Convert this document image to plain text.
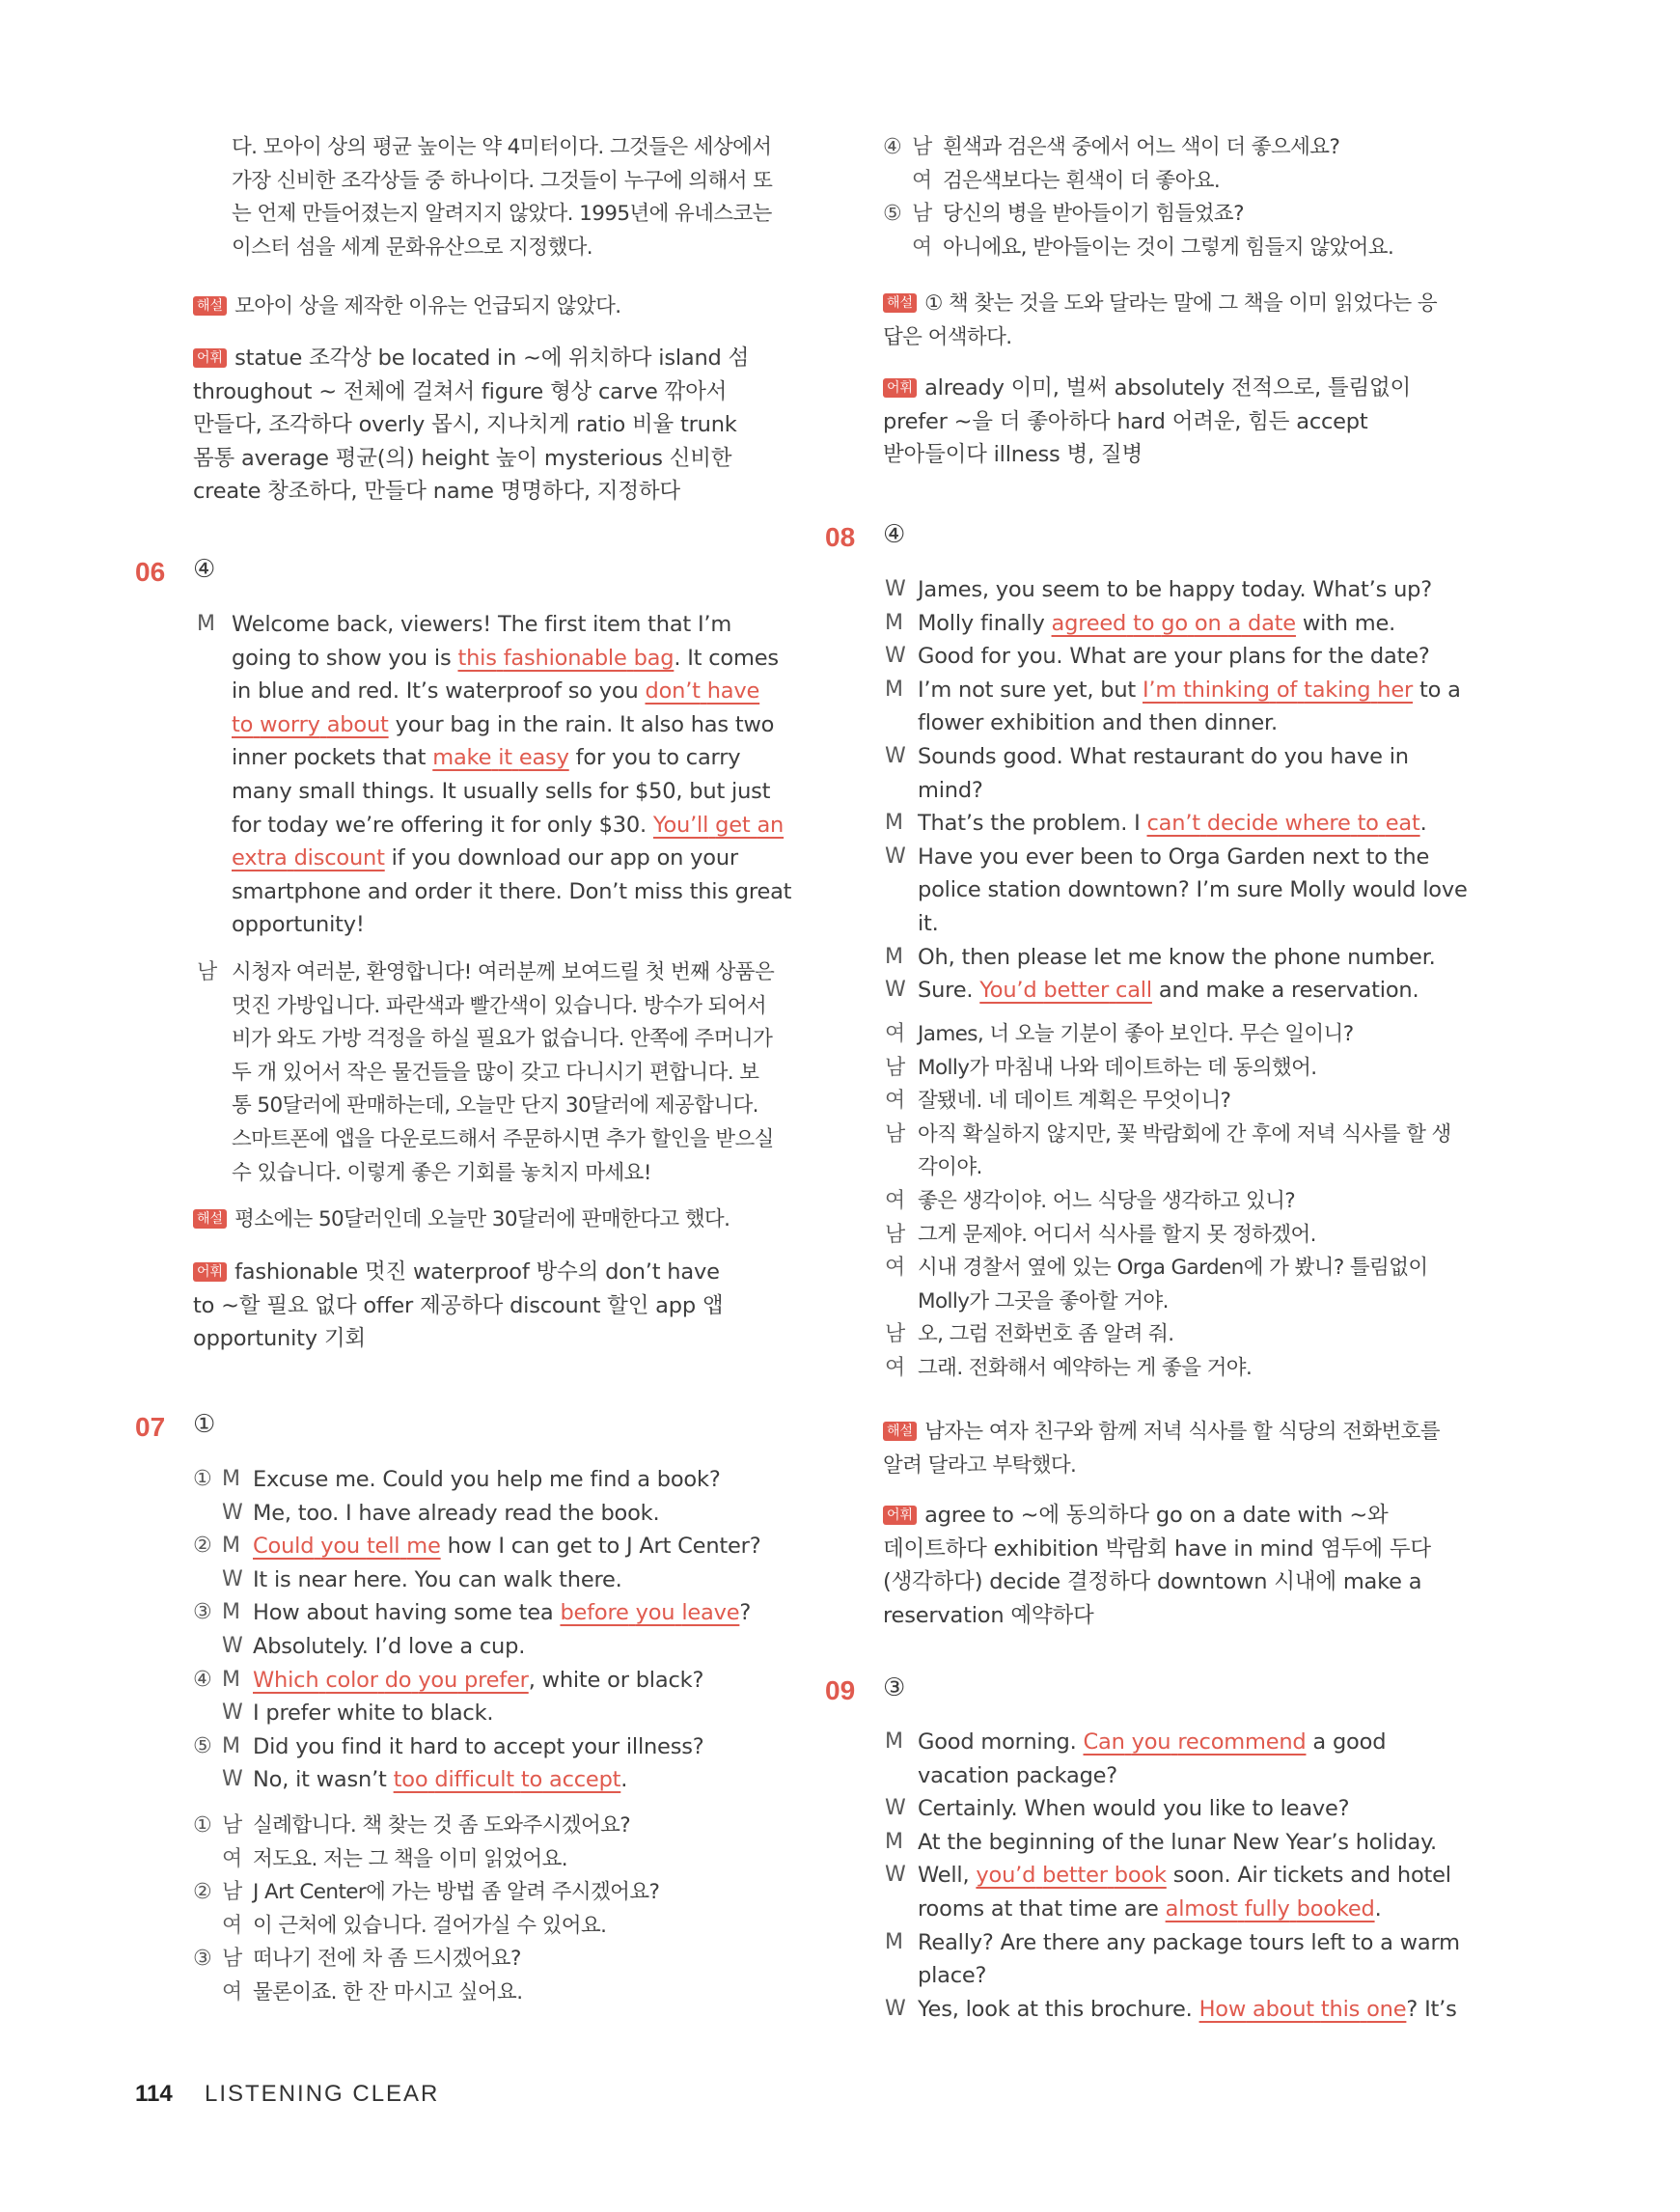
다. 모아이 상의 평균 높이는 약 4미터이다. 그것들은 세상에서
가장 신비한 조각상들 중 하나이다. 그것들이 누구에 의해서 또
는 언제 만들어졌는지 알려지지 않았다. 1995년에 유네스코는
이스터 섬을 세계 문화유산으로 지정했다.
해설 모아이 상을 제작한 이유는 언급되지 않았다.
어휘 statue 조각상 be located in ~에 위치하다 island 섬
throughout ~ 전체에 걸쳐서 figure 형상 carve 깎아서
만들다, 조각하다 overly 몹시, 지나치게 ratio 비율 trunk
몸통 average 평균(의) height 높이 mysterious 신비한
create 창조하다, 만들다 name 명명하다, 지정하다
06 ④
M Welcome back, viewers! The first item that I’m
going to show you is this fashionable bag. It comes
in blue and red. It’s waterproof so you don’t have
to worry about your bag in the rain. It also has two
inner pockets that make it easy for you to carry
many small things. It usually sells for $50, but just
for today we’re offering it for only $30. You’ll get an
extra discount if you download our app on your
smartphone and order it there. Don’t miss this great
opportunity!
남 시청자 여러분, 환영합니다! 여러분께 보여드릴 첫 번째 상품은
멋진 가방입니다. 파란색과 빨간색이 있습니다. 방수가 되어서
비가 와도 가방 걱정을 하실 필요가 없습니다. 안쪽에 주머니가
두 개 있어서 작은 물건들을 많이 갖고 다니시기 편합니다. 보
통 50달러에 판매하는데, 오늘만 단지 30달러에 제공합니다.
스마트폰에 앱을 다운로드해서 주문하시면 추가 할인을 받으실
수 있습니다. 이렇게 좋은 기회를 놓치지 마세요!
해설 평소에는 50달러인데 오늘만 30달러에 판매한다고 했다.
어휘 fashionable 멋진 waterproof 방수의 don’t have
to ~할 필요 없다 offer 제공하다 discount 할인 app 앱
opportunity 기회
07 ①
① M Excuse me. Could you help me find a book?
W Me, too. I have already read the book.
② M Could you tell me how I can get to J Art Center?
W It is near here. You can walk there.
③ M How about having some tea before you leave?
W Absolutely. I’d love a cup.
④ M Which color do you prefer, white or black?
W I prefer white to black.
⑤ M Did you find it hard to accept your illness?
W No, it wasn’t too difficult to accept.
① 남 실례합니다. 책 찾는 것 좀 도와주시겠어요?
여 저도요. 저는 그 책을 이미 읽었어요.
② 남 J Art Center에 가는 방법 좀 알려 주시겠어요?
여 이 근처에 있습니다. 걸어가실 수 있어요.
③ 남 떠나기 전에 차 좀 드시겠어요?
여 물론이죠. 한 잔 마시고 싶어요.
④ 남 흰색과 검은색 중에서 어느 색이 더 좋으세요?
여 검은색보다는 흰색이 더 좋아요.
⑤ 남 당신의 병을 받아들이기 힘들었죠?
여 아니에요, 받아들이는 것이 그렇게 힘들지 않았어요.
해설 ① 책 찾는 것을 도와 달라는 말에 그 책을 이미 읽었다는 응
답은 어색하다.
어휘 already 이미, 벌써 absolutely 전적으로, 틀림없이
prefer ~을 더 좋아하다 hard 어려운, 힘든 accept
받아들이다 illness 병, 질병
08 ④
W James, you seem to be happy today. What’s up?
M Molly finally agreed to go on a date with me.
W Good for you. What are your plans for the date?
M I’m not sure yet, but I’m thinking of taking her to a
flower exhibition and then dinner.
W Sounds good. What restaurant do you have in
mind?
M That’s the problem. I can’t decide where to eat.
W Have you ever been to Orga Garden next to the
police station downtown? I’m sure Molly would love
it.
M Oh, then please let me know the phone number.
W Sure. You’d better call and make a reservation.
여 James, 너 오늘 기분이 좋아 보인다. 무슨 일이니?
남 Molly가 마침내 나와 데이트하는 데 동의했어.
여 잘됐네. 네 데이트 계획은 무엇이니?
남 아직 확실하지 않지만, 꽃 박람회에 간 후에 저녁 식사를 할 생
각이야.
여 좋은 생각이야. 어느 식당을 생각하고 있니?
남 그게 문제야. 어디서 식사를 할지 못 정하겠어.
여 시내 경찰서 옆에 있는 Orga Garden에 가 봤니? 틀림없이
Molly가 그곳을 좋아할 거야.
남 오, 그럼 전화번호 좀 알려 줘.
여 그래. 전화해서 예약하는 게 좋을 거야.
해설 남자는 여자 친구와 함께 저녁 식사를 할 식당의 전화번호를
알려 달라고 부탁했다.
어휘 agree to ~에 동의하다 go on a date with ~와
데이트하다 exhibition 박람회 have in mind 염두에 두다
(생각하다) decide 결정하다 downtown 시내에 make a
reservation 예약하다
09 ③
M Good morning. Can you recommend a good
vacation package?
W Certainly. When would you like to leave?
M At the beginning of the lunar New Year’s holiday.
W Well, you’d better book soon. Air tickets and hotel
rooms at that time are almost fully booked.
M Really? Are there any package tours left to a warm
place?
W Yes, look at this brochure. How about this one? It’s
114 LISTENING CLEAR
